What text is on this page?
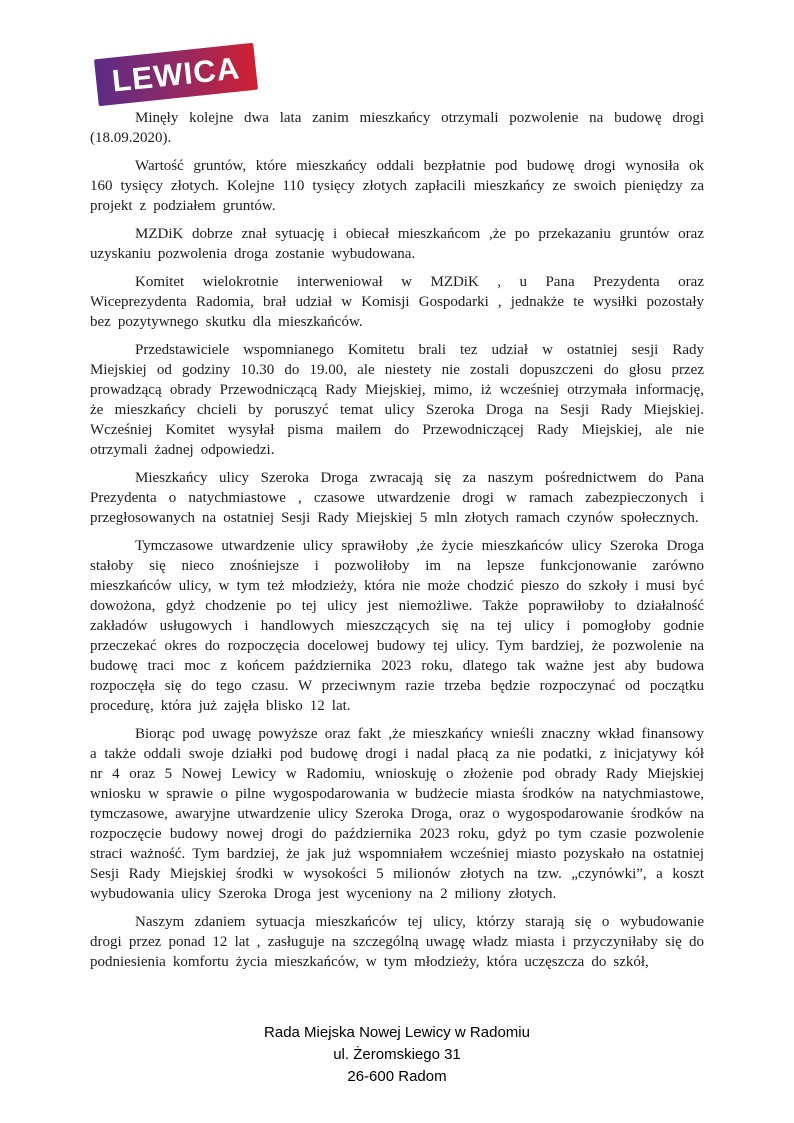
LEWICA

Minęły kolejne dwa lata zanim mieszkańcy otrzymali pozwolenie na budowę drogi (18.09.2020).

Wartość gruntów, które mieszkańcy oddali bezpłatnie pod budowę drogi wynosiła ok 160 tysięcy złotych. Kolejne 110 tysięcy złotych zapłacili mieszkańcy ze swoich pieniędzy za projekt z podziałem gruntów.

MZDiK dobrze znał sytuację i obiecał mieszkańcom ,że po przekazaniu gruntów oraz uzyskaniu pozwolenia droga zostanie wybudowana.

Komitet wielokrotnie interweniował w MZDiK , u Pana Prezydenta oraz Wiceprezydenta Radomia, brał udział w Komisji Gospodarki , jednakże te wysiłki pozostały bez pozytywnego skutku dla mieszkańców.

Przedstawiciele wspomnianego Komitetu brali tez udział w ostatniej sesji Rady Miejskiej od godziny 10.30 do 19.00, ale niestety nie zostali dopuszczeni do głosu przez prowadzącą obrady Przewodniczącą Rady Miejskiej, mimo, iż wcześniej otrzymała informację, że mieszkańcy chcieli by poruszyć temat ulicy Szeroka Droga na Sesji Rady Miejskiej. Wcześniej Komitet wysyłał pisma mailem do Przewodniczącej Rady Miejskiej, ale nie otrzymali żadnej odpowiedzi.

Mieszkańcy ulicy Szeroka Droga zwracają się za naszym pośrednictwem do Pana Prezydenta o natychmiastowe , czasowe utwardzenie drogi w ramach zabezpieczonych i przegłosowanych na ostatniej Sesji Rady Miejskiej 5 mln złotych ramach czynów społecznych.

Tymczasowe utwardzenie ulicy sprawiłoby ,że życie mieszkańców ulicy Szeroka Droga stałoby się nieco znośniejsze i pozwoliłoby im na lepsze funkcjonowanie zarówno mieszkańców ulicy, w tym też młodzieży, która nie może chodzić pieszo do szkoły i musi być dowożona, gdyż chodzenie po tej ulicy jest niemożliwe. Także poprawiłoby to działalność zakładów usługowych i handlowych mieszczących się na tej ulicy i pomogłoby godnie przeczekać okres do rozpoczęcia docelowej budowy tej ulicy. Tym bardziej, że pozwolenie na budowę traci moc z końcem października 2023 roku, dlatego tak ważne jest aby budowa rozpoczęła się do tego czasu. W przeciwnym razie trzeba będzie rozpoczynać od początku procedurę, która już zajęła blisko 12 lat.

Biorąc pod uwagę powyższe oraz fakt ,że mieszkańcy wnieśli znaczny wkład finansowy a także oddali swoje działki pod budowę drogi i nadal płacą za nie podatki, z inicjatywy kół nr 4 oraz 5 Nowej Lewicy w Radomiu, wnioskuję o złożenie pod obrady Rady Miejskiej wniosku w sprawie o pilne wygospodarowania w budżecie miasta środków na natychmiastowe, tymczasowe, awaryjne utwardzenie ulicy Szeroka Droga, oraz o wygospodarowanie środków na rozpoczęcie budowy nowej drogi do października 2023 roku, gdyż po tym czasie pozwolenie straci ważność. Tym bardziej, że jak już wspomniałem wcześniej miasto pozyskało na ostatniej Sesji Rady Miejskiej środki w wysokości 5 milionów złotych na tzw. „czynówki”, a koszt wybudowania ulicy Szeroka Droga jest wyceniony na 2 miliony złotych.

Naszym zdaniem sytuacja mieszkańców tej ulicy, którzy starają się o wybudowanie drogi przez ponad 12 lat , zasługuje na szczególną uwagę władz miasta i przyczyniłaby się do podniesienia komfortu życia mieszkańców, w tym młodzieży, która uczęszcza do szkół,

Rada Miejska Nowej Lewicy w Radomiu
ul. Żeromskiego 31
26-600 Radom
